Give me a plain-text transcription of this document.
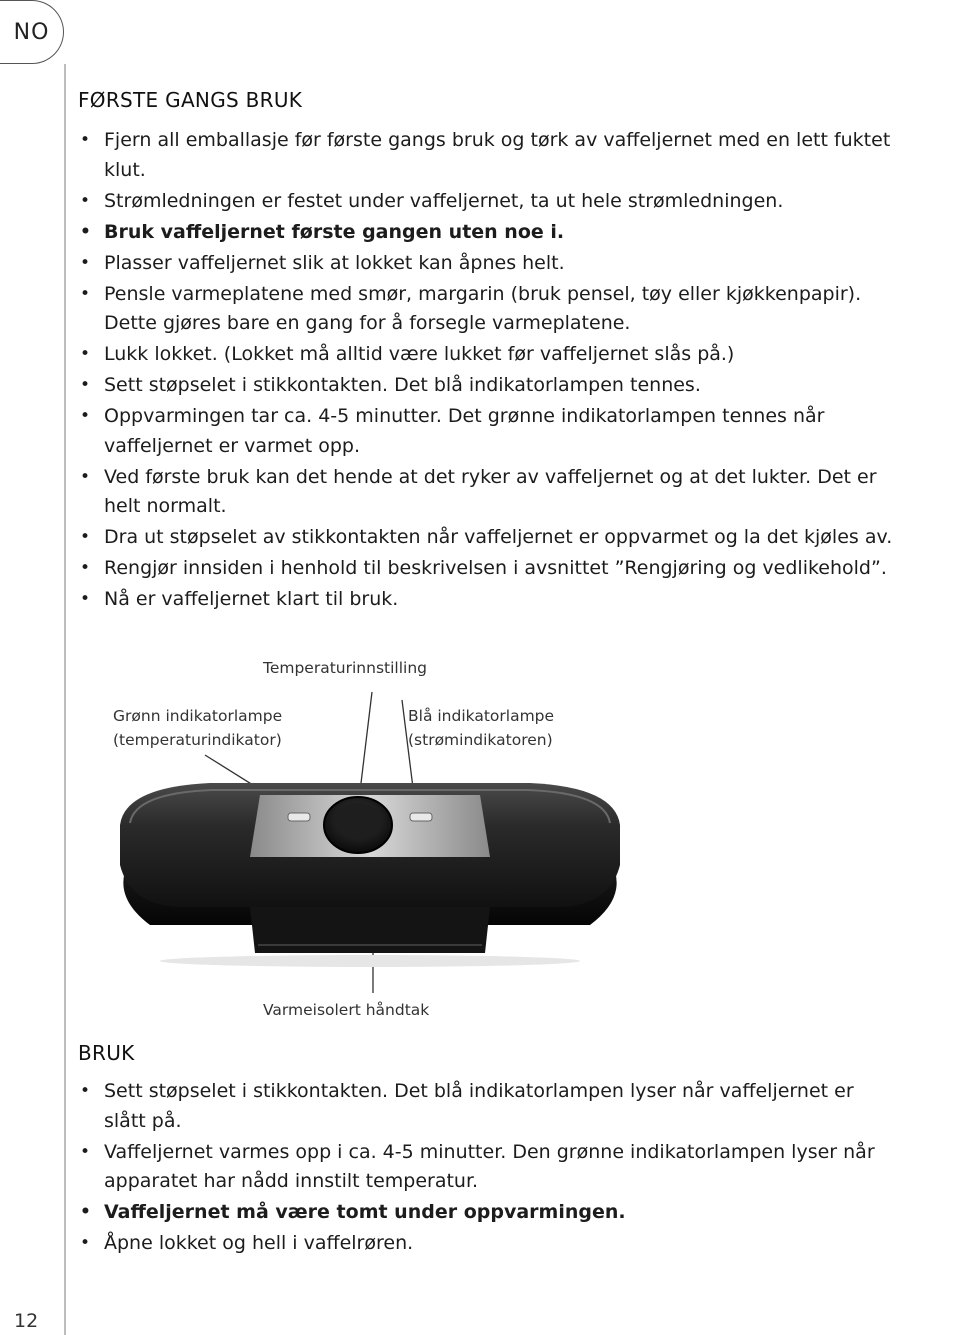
NO
FØRSTE GANGS BRUK
• Fjern all emballasje før første gangs bruk og tørk av vaffeljernet med en lett fuktet klut.
• Strømledningen er festet under vaffeljernet, ta ut hele strømledningen.
• Bruk vaffeljernet første gangen uten noe i.
• Plasser vaffeljernet slik at lokket kan åpnes helt.
• Pensle varmeplatene med smør, margarin (bruk pensel, tøy eller kjøkkenpapir). Dette gjøres bare en gang for å forsegle varmeplatene.
• Lukk lokket. (Lokket må alltid være lukket før vaffeljernet slås på.)
• Sett støpselet i stikkontakten. Det blå indikatorlampen tennes.
• Oppvarmingen tar ca. 4-5 minutter. Det grønne indikatorlampen tennes når vaffeljernet er varmet opp.
• Ved første bruk kan det hende at det ryker av vaffeljernet og at det lukter. Det er helt normalt.
• Dra ut støpselet av stikkontakten når vaffeljernet er oppvarmet og la det kjøles av.
• Rengjør innsiden i henhold til beskrivelsen i avsnittet ”Rengjøring og vedlikehold”.
• Nå er vaffeljernet klart til bruk.
Temperaturinnstilling
Grønn indikatorlampe
(temperaturindikator)
Blå indikatorlampe
(strømindikatoren)
Varmeisolert håndtak
BRUK
• Sett støpselet i stikkontakten. Det blå indikatorlampen lyser når vaffeljernet er slått på.
• Vaffeljernet varmes opp i ca. 4-5 minutter. Den grønne indikatorlampen lyser når apparatet har nådd innstilt temperatur.
• Vaffeljernet må være tomt under oppvarmingen.
• Åpne lokket og hell i vaffelrøren.
12
